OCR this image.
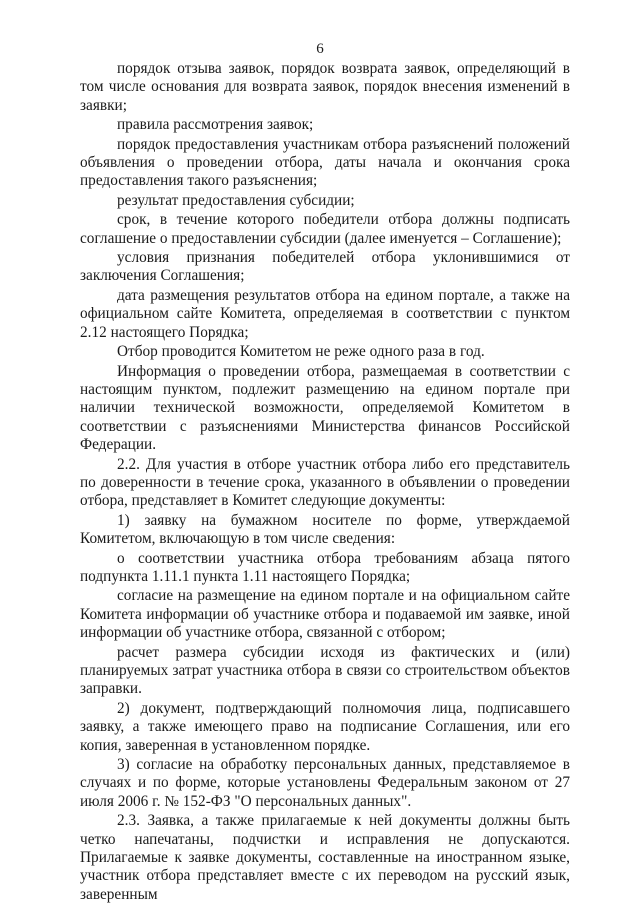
6

порядок отзыва заявок, порядок возврата заявок, определяющий в том числе основания для возврата заявок, порядок внесения изменений в заявки;

правила рассмотрения заявок;

порядок предоставления участникам отбора разъяснений положений объявления о проведении отбора, даты начала и окончания срока предоставления такого разъяснения;

результат предоставления субсидии;

срок, в течение которого победители отбора должны подписать соглашение о предоставлении субсидии (далее именуется – Соглашение);

условия признания победителей отбора уклонившимися от заключения Соглашения;

дата размещения результатов отбора на едином портале, а также на официальном сайте Комитета, определяемая в соответствии с пунктом 2.12 настоящего Порядка;

Отбор проводится Комитетом не реже одного раза в год.

Информация о проведении отбора, размещаемая в соответствии с настоящим пунктом, подлежит размещению на едином портале при наличии технической возможности, определяемой Комитетом в соответствии с разъяснениями Министерства финансов Российской Федерации.

2.2. Для участия в отборе участник отбора либо его представитель по доверенности в течение срока, указанного в объявлении о проведении отбора, представляет в Комитет следующие документы:

1) заявку на бумажном носителе по форме, утверждаемой Комитетом, включающую в том числе сведения:

о соответствии участника отбора требованиям абзаца пятого подпункта 1.11.1 пункта 1.11 настоящего Порядка;

согласие на размещение на едином портале и на официальном сайте Комитета информации об участнике отбора и подаваемой им заявке, иной информации об участнике отбора, связанной с отбором;

расчет размера субсидии исходя из фактических и (или) планируемых затрат участника отбора в связи со строительством объектов заправки.

2) документ, подтверждающий полномочия лица, подписавшего заявку, а также имеющего право на подписание Соглашения, или его копия, заверенная в установленном порядке.

3) согласие на обработку персональных данных, представляемое в случаях и по форме, которые установлены Федеральным законом от 27 июля 2006 г. № 152-ФЗ "О персональных данных".

2.3. Заявка, а также прилагаемые к ней документы должны быть четко напечатаны, подчистки и исправления не допускаются. Прилагаемые к заявке документы, составленные на иностранном языке, участник отбора представляет вместе с их переводом на русский язык, заверенным
